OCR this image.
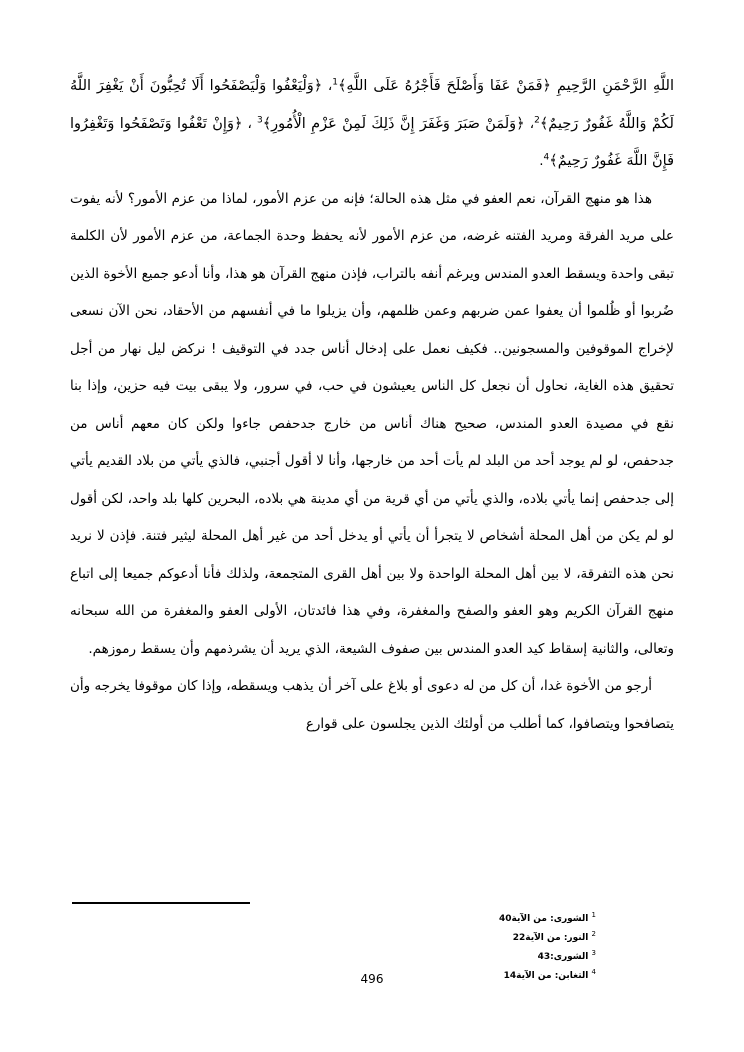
اللَّهِ الرَّحْمَنِ الرَّحِيمِ ﴿فَمَنْ عَفَا وَأَصْلَحَ فَأَجْرُهُ عَلَى اللَّهِ﴾$^1$، ﴿وَلْيَعْفُوا وَلْيَصْفَحُوا أَلَا تُحِبُّونَ أَنْ يَغْفِرَ اللَّهُ لَكُمْ وَاللَّهُ غَفُورٌ رَحِيمٌ﴾$^2$، ﴿وَلَمَنْ صَبَرَ وَغَفَرَ إِنَّ ذَلِكَ لَمِنْ عَزْمِ الْأُمُورِ﴾$^3$ ، ﴿وَإِنْ تَعْفُوا وَتَصْفَحُوا وَتَغْفِرُوا فَإِنَّ اللَّهَ غَفُورٌ رَحِيمٌ﴾$^4$.

هذا هو منهج القرآن، نعم العفو في مثل هذه الحالة؛ فإنه من عزم الأمور، لماذا من عزم الأمور؟ لأنه يفوت على مريد الفرقة ومريد الفتنه غرضه، من عزم الأمور لأنه يحفظ وحدة الجماعة، من عزم الأمور لأن الكلمة تبقى واحدة ويسقط العدو المندس ويرغم أنفه بالتراب، فإذن منهج القرآن هو هذا، وأنا أدعو جميع الأخوة الذين ضُربوا أو ظُلموا أن يعفوا عمن ضربهم وعمن ظلمهم، وأن يزيلوا ما في أنفسهم من الأحقاد، نحن الآن نسعى لإخراج الموقوفين والمسجونين.. فكيف نعمل على إدخال أناس جدد في التوقيف ! نركض ليل نهار من أجل تحقيق هذه الغاية، نحاول أن نجعل كل الناس يعيشون في حب، في سرور، ولا يبقى بيت فيه حزين، وإذا بنا نقع في مصيدة العدو المندس، صحيح هناك أناس من خارج جدحفص جاءوا ولكن كان معهم أناس من جدحفص، لو لم يوجد أحد من البلد لم يأت أحد من خارجها، وأنا لا أقول أجنبي، فالذي يأتي من بلاد القديم يأتي إلى جدحفص إنما يأتي بلاده، والذي يأتي من أي قرية من أي مدينة هي بلاده، البحرين كلها بلد واحد، لكن أقول لو لم يكن من أهل المحلة أشخاص لا يتجرأ أن يأتي أو يدخل أحد من غير أهل المحلة ليثير فتنة. فإذن لا نريد نحن هذه التفرقة، لا بين أهل المحلة الواحدة ولا بين أهل القرى المتجمعة، ولذلك فأنا أدعوكم جميعا إلى اتباع منهج القرآن الكريم وهو العفو والصفح والمغفرة، وفي هذا فائدتان، الأولى العفو والمغفرة من الله سبحانه وتعالى، والثانية إسقاط كيد العدو المندس بين صفوف الشيعة، الذي يريد أن يشرذمهم وأن يسقط رموزهم.

أرجو من الأخوة غدا، أن كل من له دعوى أو بلاغ على آخر أن يذهب ويسقطه، وإذا كان موقوفا يخرجه وأن يتصافحوا ويتصافوا، كما أطلب من أولئك الذين يجلسون على قوارع

$^1$ الشورى: من الآية40
$^2$ النور: من الآية22
$^3$ الشورى:43
$^4$ التغابن: من الآية14
496
